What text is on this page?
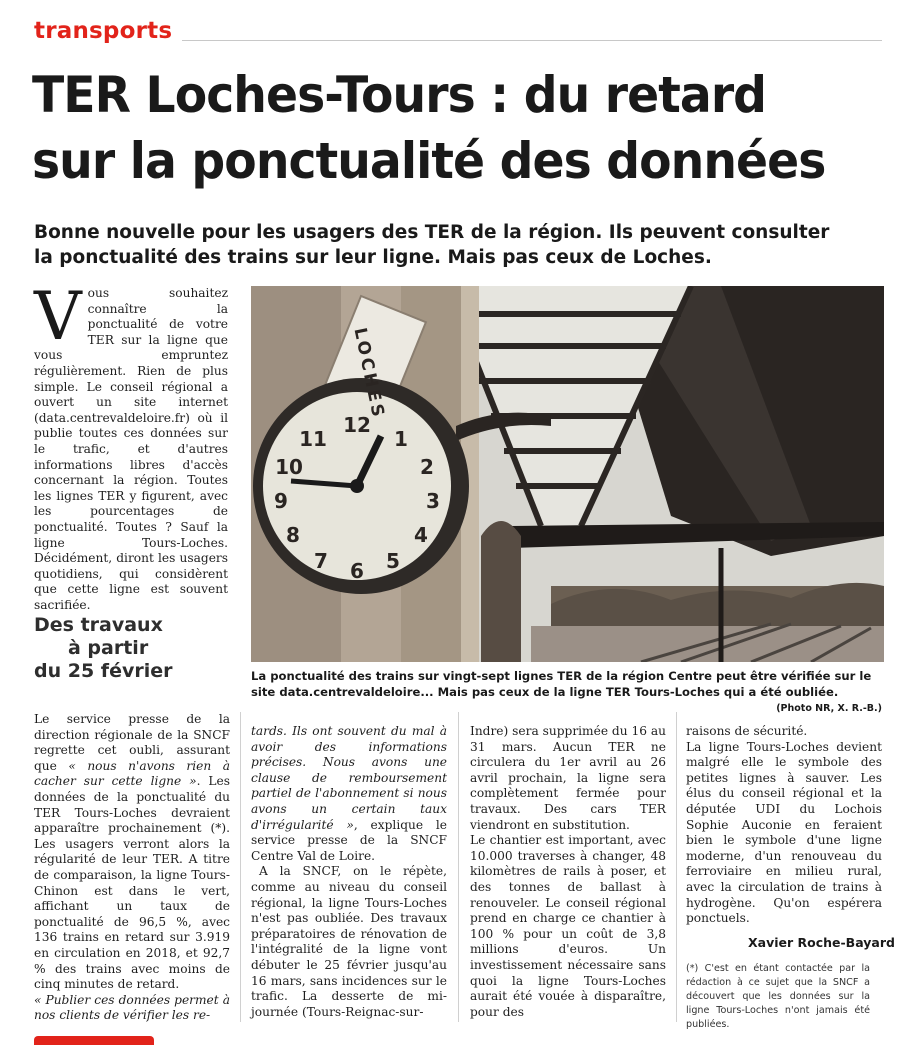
transports
TER Loches-Tours : du retard
sur la ponctualité des données
Bonne nouvelle pour les usagers des TER de la région. Ils peuvent consulter
la ponctualité des trains sur leur ligne. Mais pas ceux de Loches.

V ous souhaitez connaître la ponctualité de votre TER sur la ligne que vous empruntez régulièrement. Rien de plus simple. Le conseil régional a ouvert un site internet (data.centrevaldeloire.fr) où il publie toutes ces données sur le trafic, et d'autres informations libres d'accès concernant la région. Toutes les lignes TER y figurent, avec les pourcentages de ponctualité. Toutes ? Sauf la ligne Tours-Loches. Décidément, diront les usagers quotidiens, qui considèrent que cette ligne est souvent sacrifiée.

Des travaux
à partir
du 25 février
12
1
2
3
4
5
6
7
8
9
10
11
LOCHES
La ponctualité des trains sur vingt-sept lignes TER de la région Centre peut être vérifiée sur le site data.centrevaldeloire... Mais pas ceux de la ligne TER Tours-Loches qui a été oubliée.
(Photo NR, X. R.-B.)

Le service presse de la direction régionale de la SNCF regrette cet oubli, assurant que « nous n'avons rien à cacher sur cette ligne ». Les données de la ponctualité du TER Tours-Loches devraient apparaître prochainement (*). Les usagers verront alors la régularité de leur TER. A titre de comparaison, la ligne Tours-Chinon est dans le vert, affichant un taux de ponctualité de 96,5 %, avec 136 trains en retard sur 3.919 en circulation en 2018, et 92,7 % des trains avec moins de cinq minutes de retard.

« Publier ces données permet à nos clients de vérifier les re-

tards. Ils ont souvent du mal à avoir des informations précises. Nous avons une clause de remboursement partiel de l'abonnement si nous avons un certain taux d'irrégularité », explique le service presse de la SNCF Centre Val de Loire.

A la SNCF, on le répète, comme au niveau du conseil régional, la ligne Tours-Loches n'est pas oubliée. Des travaux préparatoires de rénovation de l'intégralité de la ligne vont débuter le 25 février jusqu'au 16 mars, sans incidences sur le trafic. La desserte de mi-journée (Tours-Reignac-sur-

Indre) sera supprimée du 16 au 31 mars. Aucun TER ne circulera du 1er avril au 26 avril prochain, la ligne sera complètement fermée pour travaux. Des cars TER viendront en substitution.

Le chantier est important, avec 10.000 traverses à changer, 48 kilomètres de rails à poser, et des tonnes de ballast à renouveler. Le conseil régional prend en charge ce chantier à 100 % pour un coût de 3,8 millions d'euros. Un investissement nécessaire sans quoi la ligne Tours-Loches aurait été vouée à disparaître, pour des

raisons de sécurité.

La ligne Tours-Loches devient malgré elle le symbole des petites lignes à sauver. Les élus du conseil régional et la députée UDI du Lochois Sophie Auconie en feraient bien le symbole d'une ligne moderne, d'un renouveau du ferroviaire en milieu rural, avec la circulation de trains à hydrogène. Qu'on espérera ponctuels.

Xavier Roche-Bayard
(*) C'est en étant contactée par la rédaction à ce sujet que la SNCF a découvert que les données sur la ligne Tours-Loches n'ont jamais été publiées.
